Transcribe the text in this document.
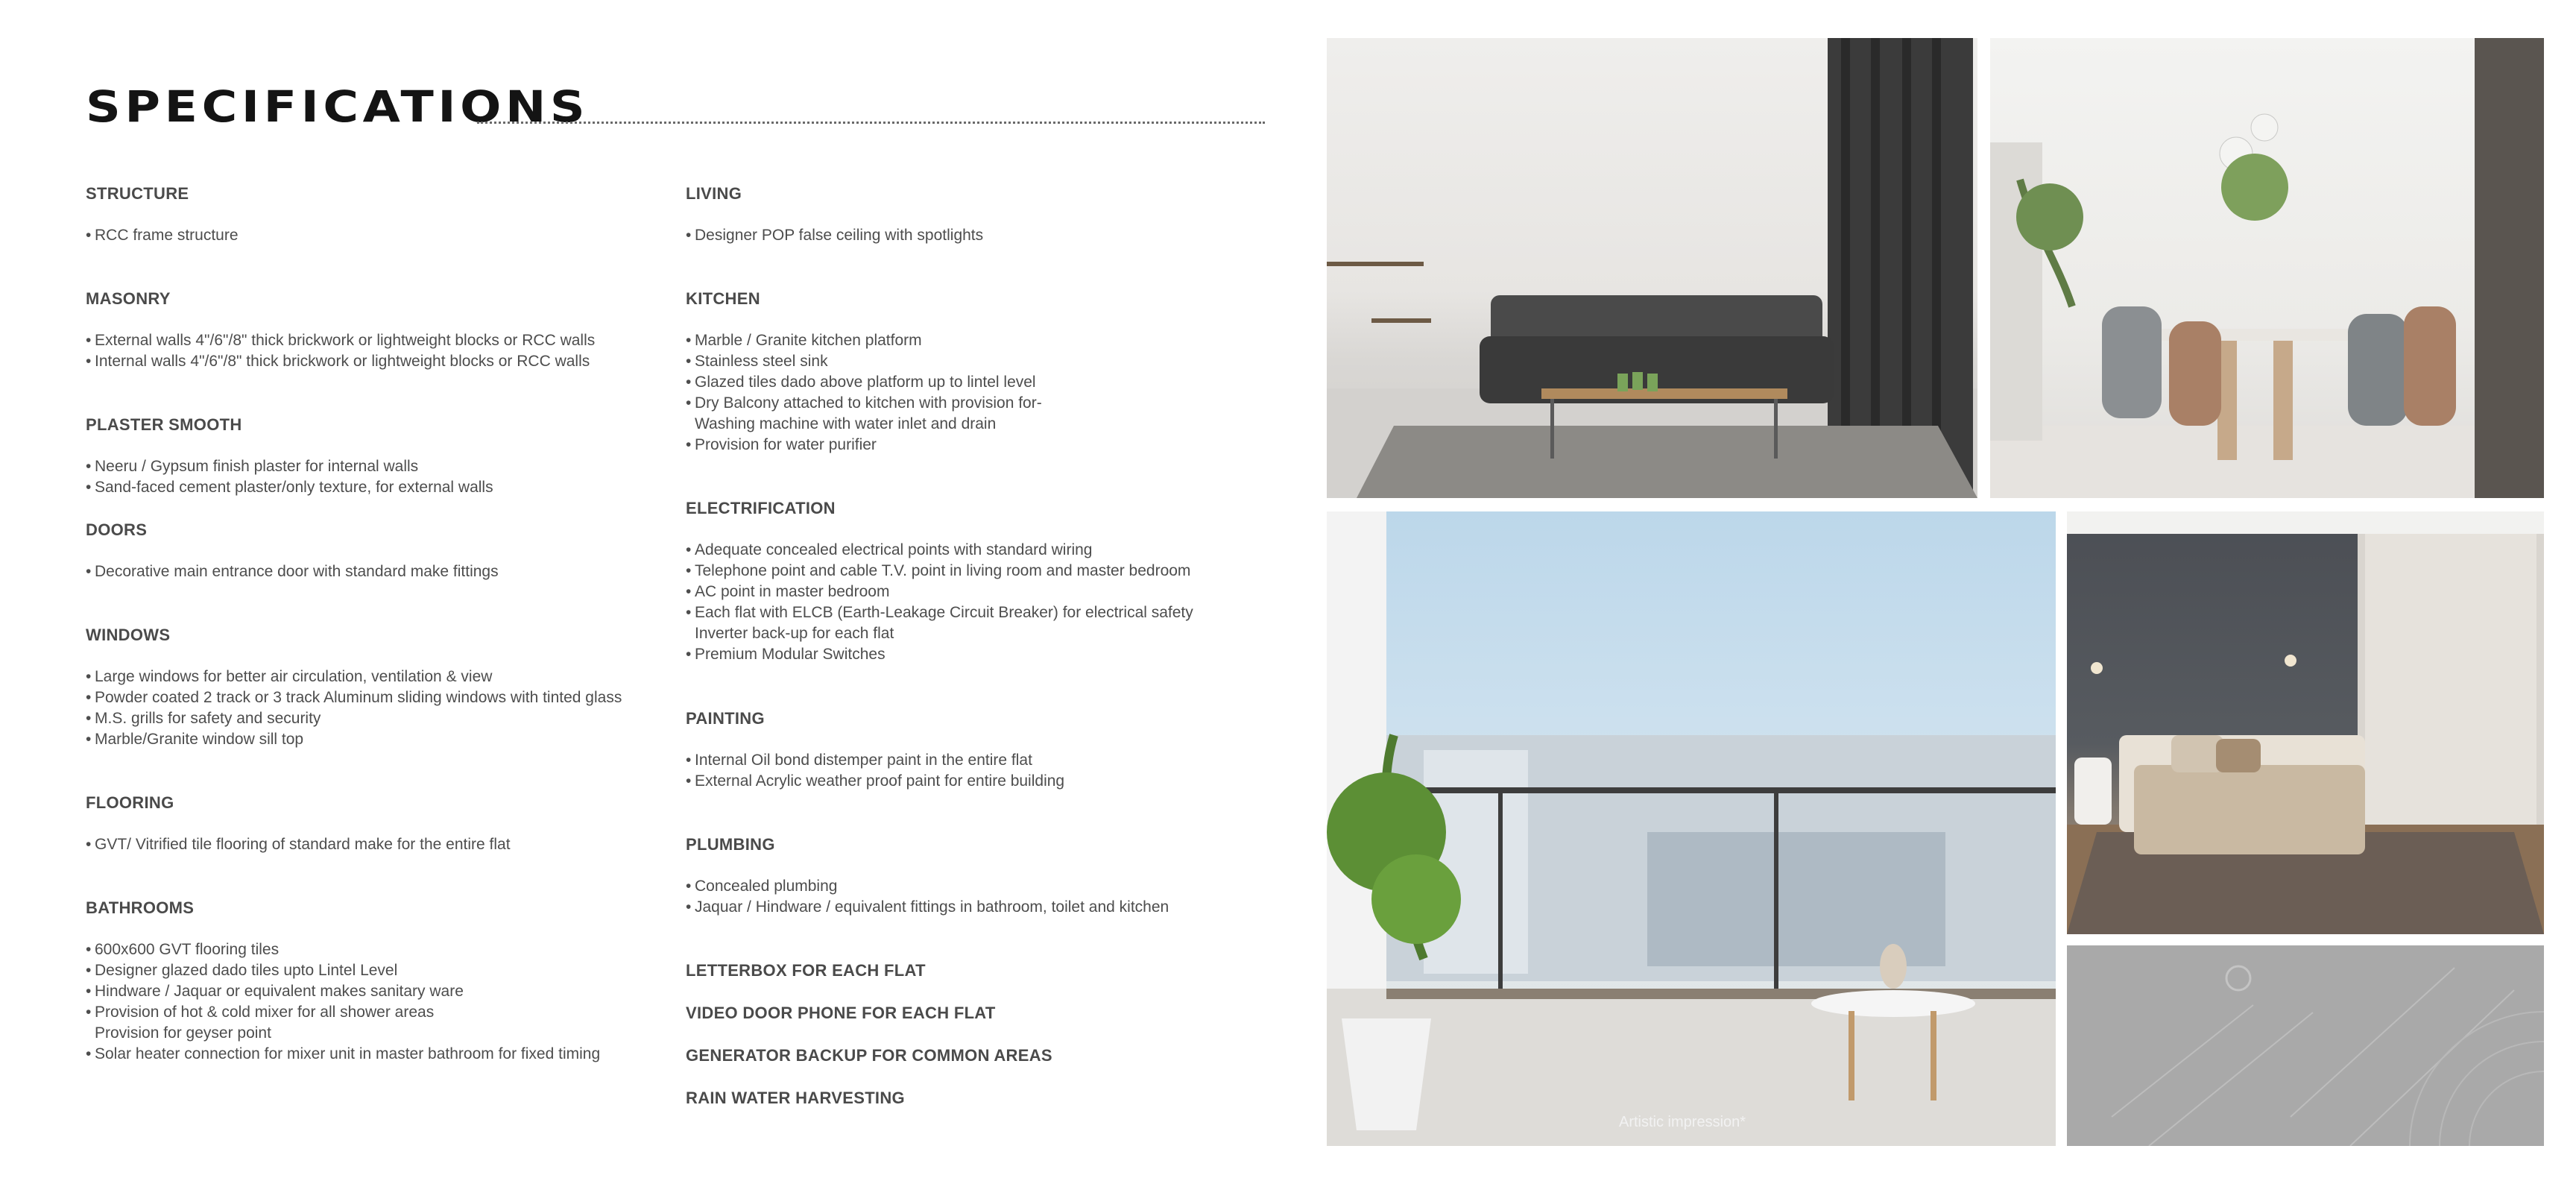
SPECIFICATIONS

STRUCTURE

• RCC frame structure

MASONRY

• External walls 4"/6"/8" thick brickwork or lightweight blocks or RCC walls
• Internal walls 4"/6"/8" thick brickwork or lightweight blocks or RCC walls

PLASTER SMOOTH

• Neeru / Gypsum finish plaster for internal walls
• Sand-faced cement plaster/only texture, for external walls

DOORS

• Decorative main entrance door with standard make fittings

WINDOWS

• Large windows for better air circulation, ventilation & view
• Powder coated 2 track or 3 track Aluminum sliding windows with tinted glass
• M.S. grills for safety and security
• Marble/Granite window sill top

FLOORING

• GVT/ Vitrified tile flooring of standard make for the entire flat

BATHROOMS

• 600x600 GVT flooring tiles
• Designer glazed dado tiles upto Lintel Level
• Hindware / Jaquar or equivalent makes sanitary ware
• Provision of hot & cold mixer for all shower areas
Provision for geyser point
• Solar heater connection for mixer unit in master bathroom for fixed timing

LIVING

• Designer POP false ceiling with spotlights

KITCHEN

• Marble / Granite kitchen platform
• Stainless steel sink
• Glazed tiles dado above platform up to lintel level
• Dry Balcony attached to kitchen with provision for-
Washing machine with water inlet and drain
• Provision for water purifier

ELECTRIFICATION

• Adequate concealed electrical points with standard wiring
• Telephone point and cable T.V. point in living room and master bedroom
• AC point in master bedroom
• Each flat with ELCB (Earth-Leakage Circuit Breaker) for electrical safety
Inverter back-up for each flat
• Premium Modular Switches

PAINTING

• Internal Oil bond distemper paint in the entire flat
• External Acrylic weather proof paint for entire building

PLUMBING

• Concealed plumbing
• Jaquar / Hindware / equivalent fittings in bathroom, toilet and kitchen

LETTERBOX FOR EACH FLAT

VIDEO DOOR PHONE FOR EACH FLAT

GENERATOR BACKUP FOR COMMON AREAS

RAIN WATER HARVESTING

Artistic impression*
